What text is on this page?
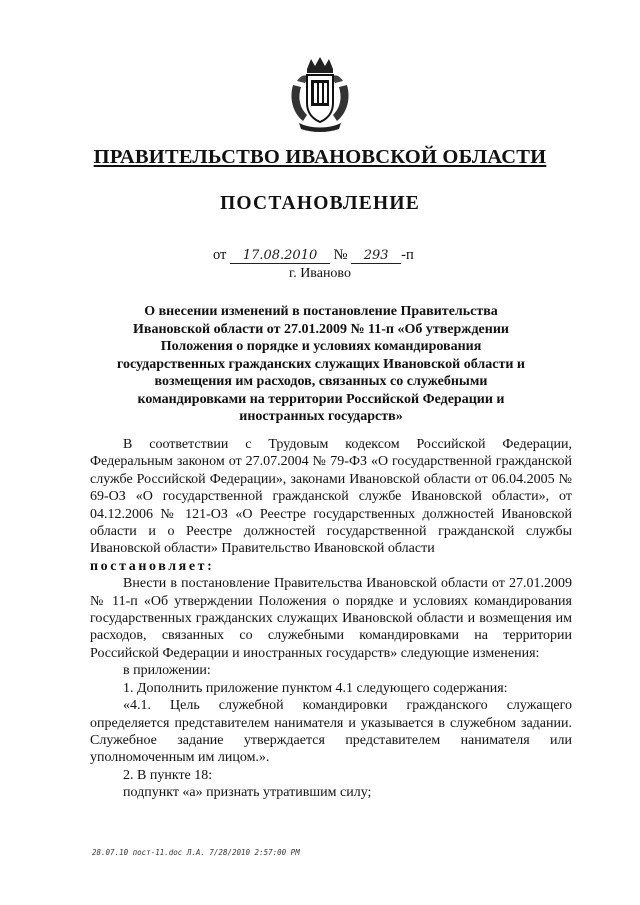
ПРАВИТЕЛЬСТВО ИВАНОВСКОЙ ОБЛАСТИ
ПОСТАНОВЛЕНИЕ
от 17.08.2010 № 293 -п
г. Иваново
О внесении изменений в постановление Правительства Ивановской области от 27.01.2009 № 11-п «Об утверждении Положения о порядке и условиях командирования государственных гражданских служащих Ивановской области и возмещения им расходов, связанных со служебными командировками на территории Российской Федерации и иностранных государств»

В соответствии с Трудовым кодексом Российской Федерации, Федеральным законом от 27.07.2004 № 79-ФЗ «О государственной гражданской службе Российской Федерации», законами Ивановской области от 06.04.2005 № 69-ОЗ «О государственной гражданской службе Ивановской области», от 04.12.2006 № 121-ОЗ «О Реестре государственных должностей Ивановской области и о Реестре должностей государственной гражданской службы Ивановской области» Правительство Ивановской области

постановляет:

Внести в постановление Правительства Ивановской области от 27.01.2009 № 11-п «Об утверждении Положения о порядке и условиях командирования государственных гражданских служащих Ивановской области и возмещения им расходов, связанных со служебными командировками на территории Российской Федерации и иностранных государств» следующие изменения:

в приложении:

1. Дополнить приложение пунктом 4.1 следующего содержания:

«4.1. Цель служебной командировки гражданского служащего определяется представителем нанимателя и указывается в служебном задании. Служебное задание утверждается представителем нанимателя или уполномоченным им лицом.».

2. В пункте 18:

подпункт «а» признать утратившим силу;

28.07.10 пост-11.doc Л.А. 7/28/2010 2:57:00 PM
